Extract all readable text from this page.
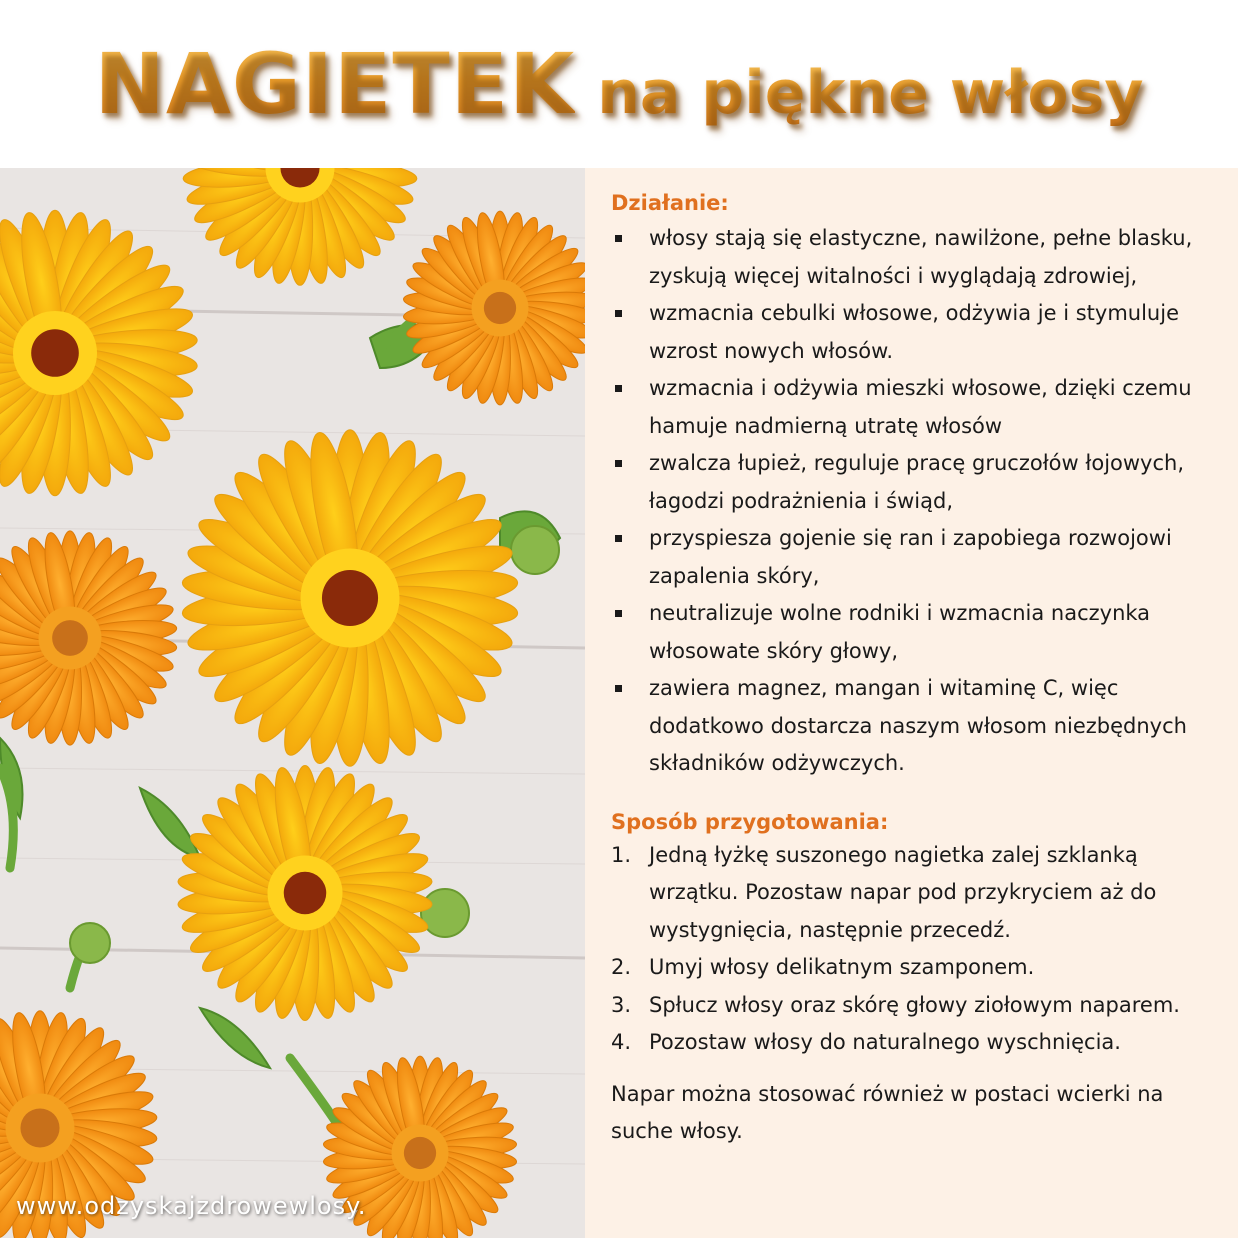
NAGIETEK na piękne włosy
www.odzyskajzdrowewlosy.
Działanie:
włosy stają się elastyczne, nawilżone, pełne blasku, zyskują więcej witalności i wyglądają zdrowiej,
wzmacnia cebulki włosowe, odżywia je i stymuluje wzrost nowych włosów.
wzmacnia i odżywia mieszki włosowe, dzięki czemu hamuje nadmierną utratę włosów
zwalcza łupież, reguluje pracę gruczołów łojowych, łagodzi podrażnienia i świąd,
przyspiesza gojenie się ran i zapobiega rozwojowi zapalenia skóry,
neutralizuje wolne rodniki i wzmacnia naczynka włosowate skóry głowy,
zawiera magnez, mangan i witaminę C, więc dodatkowo dostarcza naszym włosom niezbędnych składników odżywczych.
Sposób przygotowania:
1. Jedną łyżkę suszonego nagietka zalej szklanką wrzątku. Pozostaw napar pod przykryciem aż do wystygnięcia, następnie przecedź.
2. Umyj włosy delikatnym szamponem.
3. Spłucz włosy oraz skórę głowy ziołowym naparem.
4. Pozostaw włosy do naturalnego wyschnięcia.

Napar można stosować również w postaci wcierki na suche włosy.
